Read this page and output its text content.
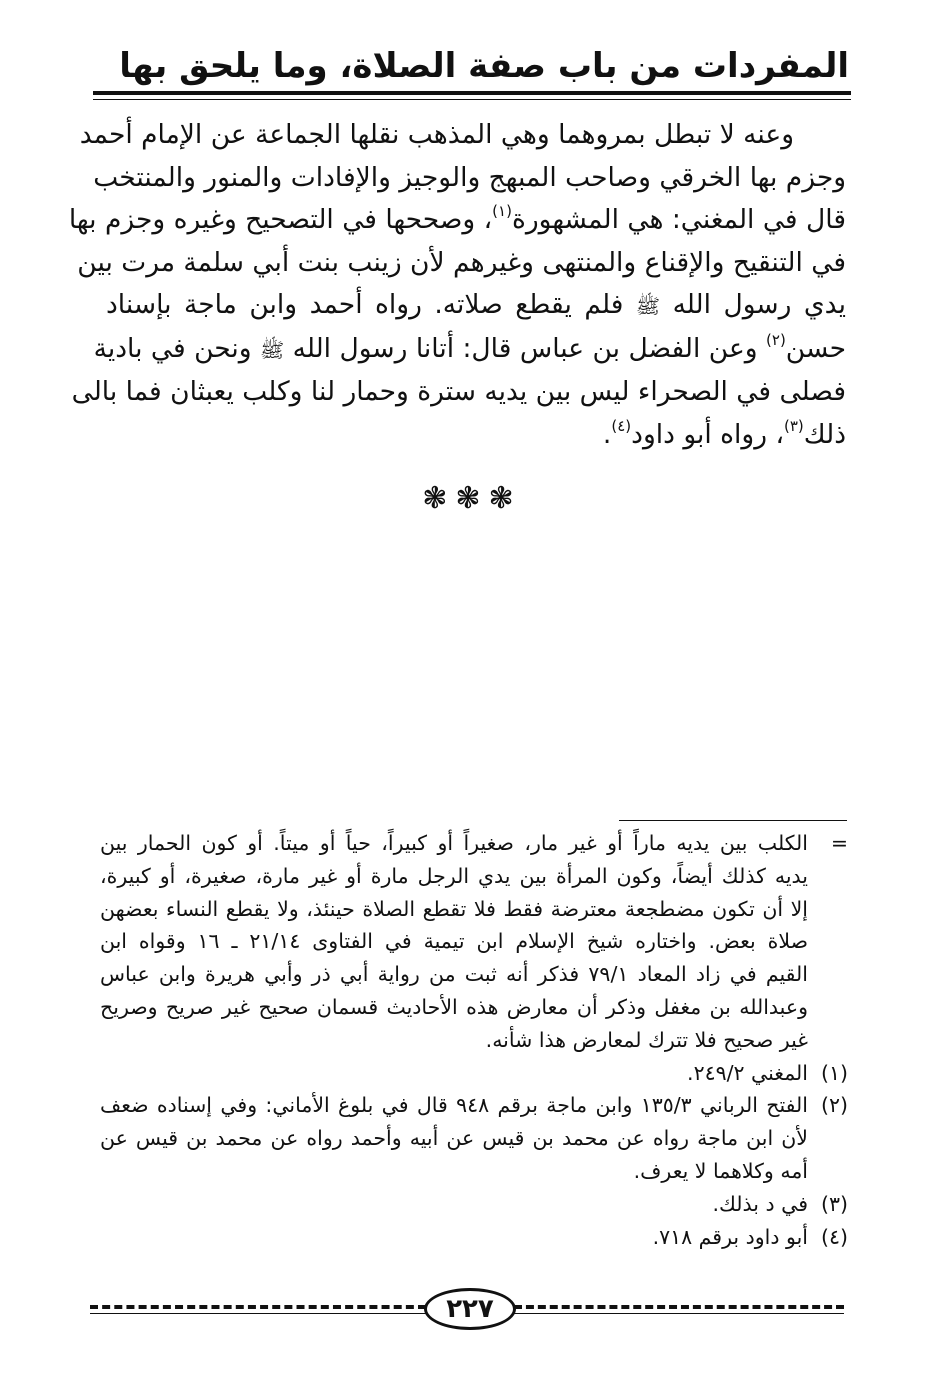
المفردات من باب صفة الصلاة، وما يلحق بها
وعنه لا تبطل بمروهما وهي المذهب نقلها الجماعة عن الإمام أحمد
وجزم بها الخرقي وصاحب المبهج والوجيز والإفادات والمنور والمنتخب
قال في المغني: هي المشهورة$^{(١)}$، وصححها في التصحيح وغيره وجزم بها
في التنقيح والإقناع والمنتهى وغيرهم لأن زينب بنت أبي سلمة مرت بين
يدي رسول الله ﷺ فلم يقطع صلاته. رواه أحمد وابن ماجة بإسناد
حسن$^{(٢)}$ وعن الفضل بن عباس قال: أتانا رسول الله ﷺ ونحن في بادية
فصلى في الصحراء ليس بين يديه سترة وحمار لنا وكلب يعبثان فما بالى
ذلك$^{(٣)}$، رواه أبو داود$^{(٤)}$.
❃❃❃
=
الكلب بين يديه ماراً أو غير مار، صغيراً أو كبيراً، حياً أو ميتاً. أو كون الحمار بين
يديه كذلك أيضاً، وكون المرأة بين يدي الرجل مارة أو غير مارة، صغيرة، أو كبيرة،
إلا أن تكون مضطجعة معترضة فقط فلا تقطع الصلاة حينئذ، ولا يقطع النساء بعضهن
صلاة بعض. واختاره شيخ الإسلام ابن تيمية في الفتاوى ٢١/١٤ ـ ١٦ وقواه ابن
القيم في زاد المعاد ٧٩/١ فذكر أنه ثبت من رواية أبي ذر وأبي هريرة وابن عباس
وعبدالله بن مغفل وذكر أن معارض هذه الأحاديث قسمان صحيح غير صريح وصريح
غير صحيح فلا تترك لمعارض هذا شأنه.
(١)
المغني ٢٤٩/٢.
(٢)
الفتح الرباني ١٣٥/٣ وابن ماجة برقم ٩٤٨ قال في بلوغ الأماني: وفي إسناده ضعف
لأن ابن ماجة رواه عن محمد بن قيس عن أبيه وأحمد رواه عن محمد بن قيس عن
أمه وكلاهما لا يعرف.
(٣)
في د بذلك.
(٤)
أبو داود برقم ٧١٨.
٢٢٧
